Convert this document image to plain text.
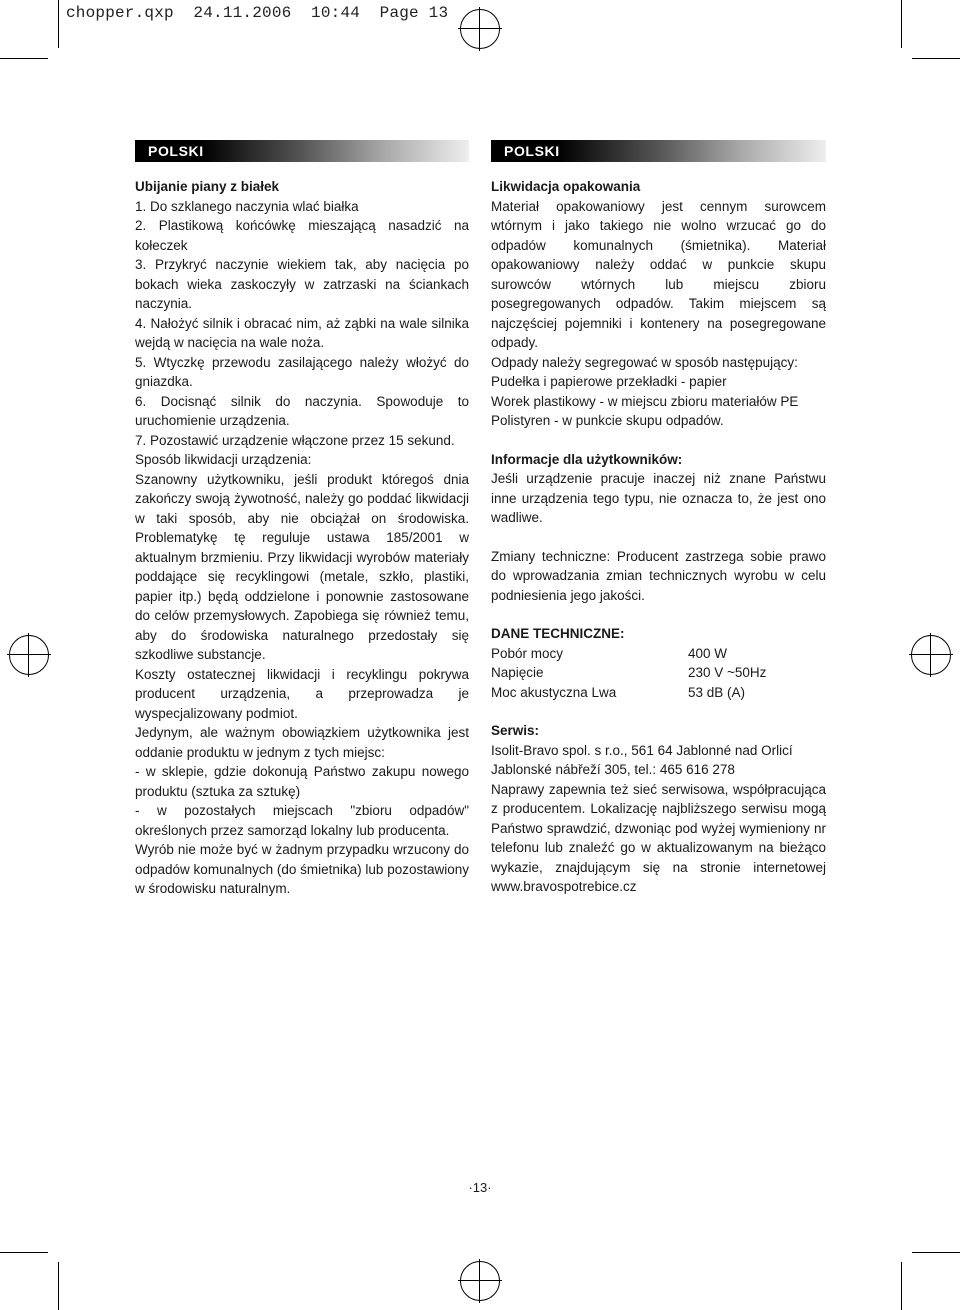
chopper.qxp  24.11.2006  10:44  Page 13
POLSKI
Ubijanie piany z białek

1. Do szklanego naczynia wlać białka

2. Plastikową końcówkę mieszającą nasadzić na kołeczek

3. Przykryć naczynie wiekiem tak, aby nacięcia po bokach wieka zaskoczyły w zatrzaski na ściankach naczynia.

4. Nałożyć silnik i obracać nim, aż ząbki na wale silnika wejdą w nacięcia na wale noża.

5. Wtyczkę przewodu zasilającego należy włożyć do gniazdka.

6. Docisnąć silnik do naczynia. Spowoduje to uruchomienie urządzenia.

7. Pozostawić urządzenie włączone przez 15 sekund.

Sposób likwidacji urządzenia:

Szanowny użytkowniku, jeśli produkt któregoś dnia zakończy swoją żywotność, należy go poddać likwidacji w taki sposób, aby nie obciążał on środowiska. Problematykę tę reguluje ustawa 185/2001 w aktualnym brzmieniu. Przy likwidacji wyrobów materiały poddające się recyklingowi (metale, szkło, plastiki, papier itp.) będą oddzielone i ponownie zastosowane do celów przemysłowych. Zapobiega się również temu, aby do środowiska naturalnego przedostały się szkodliwe substancje.

Koszty ostatecznej likwidacji i recyklingu pokrywa producent urządzenia, a przeprowadza je wyspecjalizowany podmiot.

Jedynym, ale ważnym obowiązkiem użytkownika jest oddanie produktu w jednym z tych miejsc:

- w sklepie, gdzie dokonują Państwo zakupu nowego produktu (sztuka za sztukę)

- w pozostałych miejscach "zbioru odpadów" określonych przez samorząd lokalny lub producenta.

Wyrób nie może być w żadnym przypadku wrzucony do odpadów komunalnych (do śmietnika) lub pozostawiony w środowisku naturalnym.

POLSKI
Likwidacja opakowania

Materiał opakowaniowy jest cennym surowcem wtórnym i jako takiego nie wolno wrzucać go do odpadów komunalnych (śmietnika). Materiał opakowaniowy należy oddać w punkcie skupu surowców wtórnych lub miejscu zbioru posegregowanych odpadów. Takim miejscem są najczęściej pojemniki i kontenery na posegregowane odpady.

Odpady należy segregować w sposób następujący:

Pudełka i papierowe przekładki - papier

Worek plastikowy - w miejscu zbioru materiałów PE

Polistyren - w punkcie skupu odpadów.

Informacje dla użytkowników:

Jeśli urządzenie pracuje inaczej niż znane Państwu inne urządzenia tego typu, nie oznacza to, że jest ono wadliwe.

Zmiany techniczne: Producent zastrzega sobie prawo do wprowadzania zmian technicznych wyrobu w celu podniesienia jego jakości.

DANE TECHNICZNE:
Pobór mocy	400 W
Napięcie	230 V ~50Hz
Moc akustyczna Lwa	53 dB (A)
Serwis:

Isolit-Bravo spol. s r.o., 561 64 Jablonné nad Orlicí

Jablonské nábřeží 305, tel.: 465 616 278

Naprawy zapewnia też sieć serwisowa, współpracująca z producentem. Lokalizację najbliższego serwisu mogą Państwo sprawdzić, dzwoniąc pod wyżej wymieniony nr telefonu lub znaleźć go w aktualizowanym na bieżąco wykazie, znajdującym się na stronie internetowej www.bravospotrebice.cz

·13·
